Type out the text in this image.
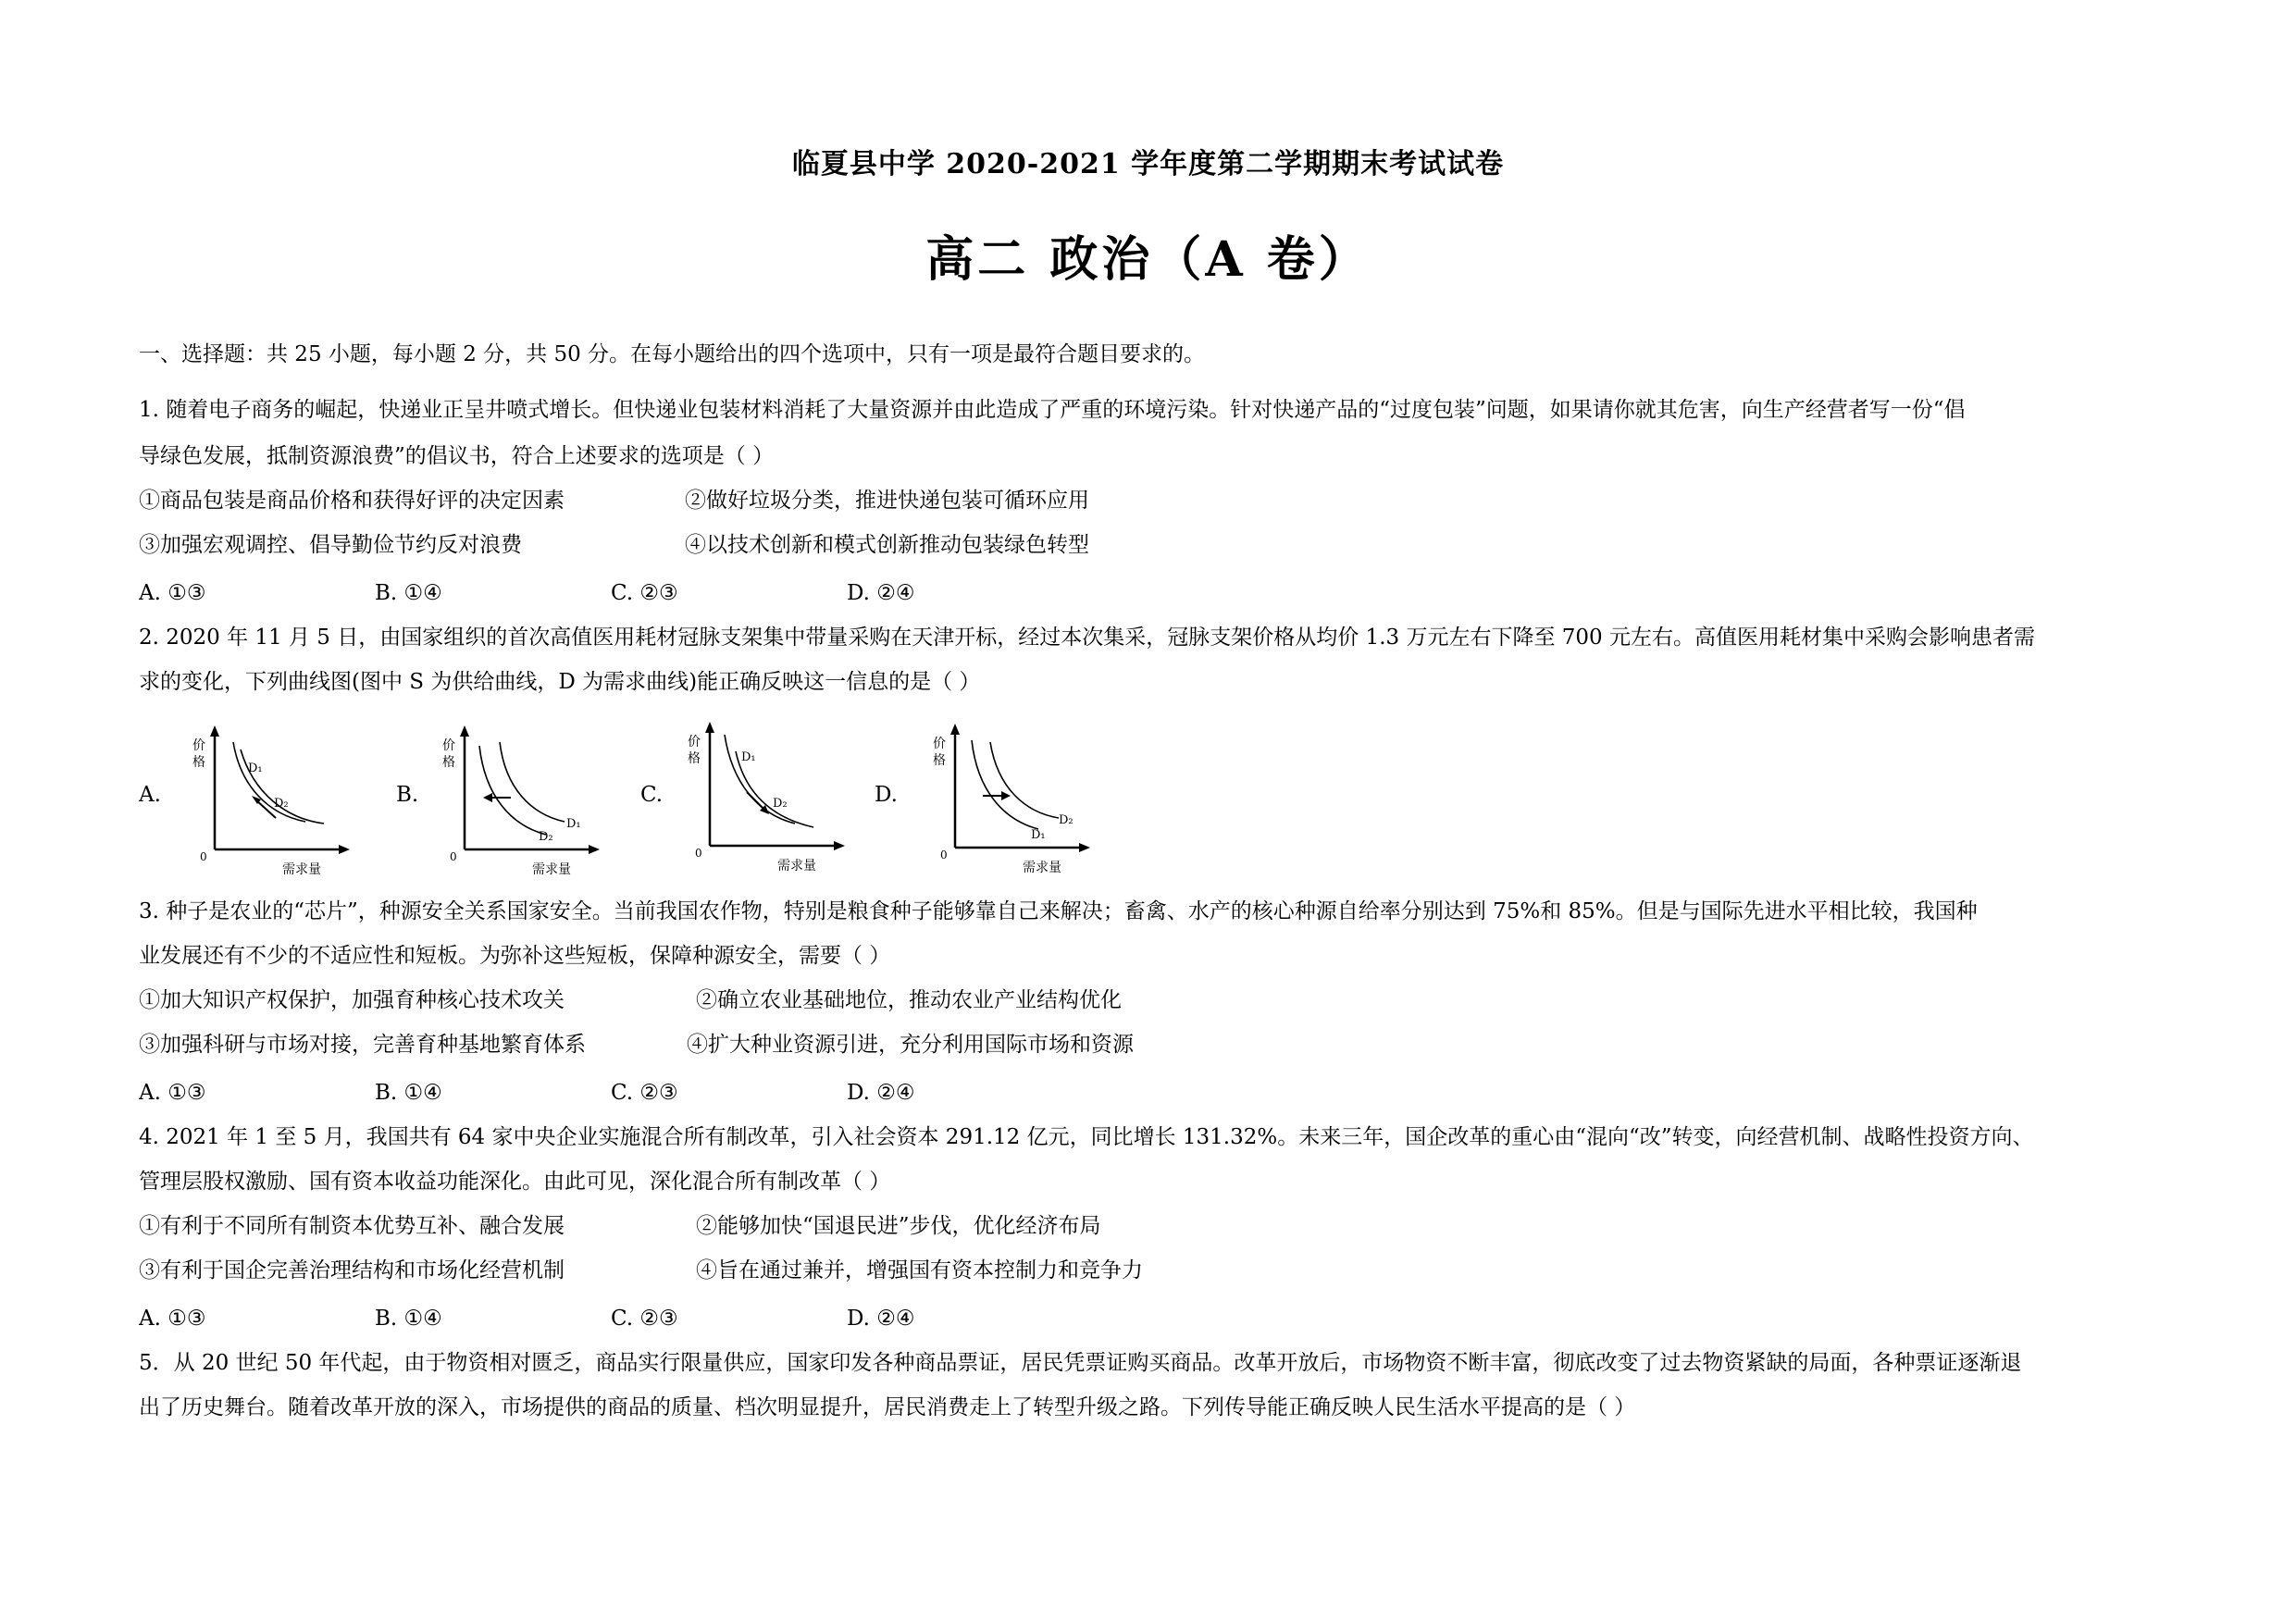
临夏县中学 2020-2021 学年度第二学期期末考试试卷
高二 政治（A 卷）
一、选择题：共 25 小题，每小题 2 分，共 50 分。在每小题给出的四个选项中，只有一项是最符合题目要求的。
1. 随着电子商务的崛起，快递业正呈井喷式增长。但快递业包装材料消耗了大量资源并由此造成了严重的环境污染。针对快递产品的“过度包装”问题，如果请你就其危害，向生产经营者写一份“倡
导绿色发展，抵制资源浪费”的倡议书，符合上述要求的选项是（ ）
①商品包装是商品价格和获得好评的决定因素	②做好垃圾分类，推进快递包装可循环应用
③加强宏观调控、倡导勤俭节约反对浪费	④以技术创新和模式创新推动包装绿色转型
A. ①③	B. ①④	C. ②③	D. ②④
2. 2020 年 11 月 5 日，由国家组织的首次高值医用耗材冠脉支架集中带量采购在天津开标，经过本次集采，冠脉支架价格从均价 1.3 万元左右下降至 700 元左右。高值医用耗材集中采购会影响患者需
求的变化，下列曲线图(图中 S 为供给曲线，D 为需求曲线)能正确反映这一信息的是（ ）
A.
价
格
0
需求量
D₁
D₂	B.
价
格
0
需求量
D₁
D₂
C.
价
格
0
需求量
D₁
D₂	D.
价
格
0
需求量
D₂
D₁
3. 种子是农业的“芯片”，种源安全关系国家安全。当前我国农作物，特别是粮食种子能够靠自己来解决；畜禽、水产的核心种源自给率分别达到 75%和 85%。但是与国际先进水平相比较，我国种
业发展还有不少的不适应性和短板。为弥补这些短板，保障种源安全，需要（ ）
①加大知识产权保护，加强育种核心技术攻关	②确立农业基础地位，推动农业产业结构优化
③加强科研与市场对接，完善育种基地繁育体系	④扩大种业资源引进，充分利用国际市场和资源
A. ①③	B. ①④	C. ②③	D. ②④
4. 2021 年 1 至 5 月，我国共有 64 家中央企业实施混合所有制改革，引入社会资本 291.12 亿元，同比增长 131.32%。未来三年，国企改革的重心由“混向“改”转变，向经营机制、战略性投资方向、
管理层股权激励、国有资本收益功能深化。由此可见，深化混合所有制改革（ ）
①有利于不同所有制资本优势互补、融合发展	②能够加快“国退民进”步伐，优化经济布局
③有利于国企完善治理结构和市场化经营机制	④旨在通过兼并，增强国有资本控制力和竞争力
A. ①③	B. ①④	C. ②③	D. ②④
5．从 20 世纪 50 年代起，由于物资相对匮乏，商品实行限量供应，国家印发各种商品票证，居民凭票证购买商品。改革开放后，市场物资不断丰富，彻底改变了过去物资紧缺的局面，各种票证逐渐退
出了历史舞台。随着改革开放的深入，市场提供的商品的质量、档次明显提升，居民消费走上了转型升级之路。下列传导能正确反映人民生活水平提高的是（ ）
